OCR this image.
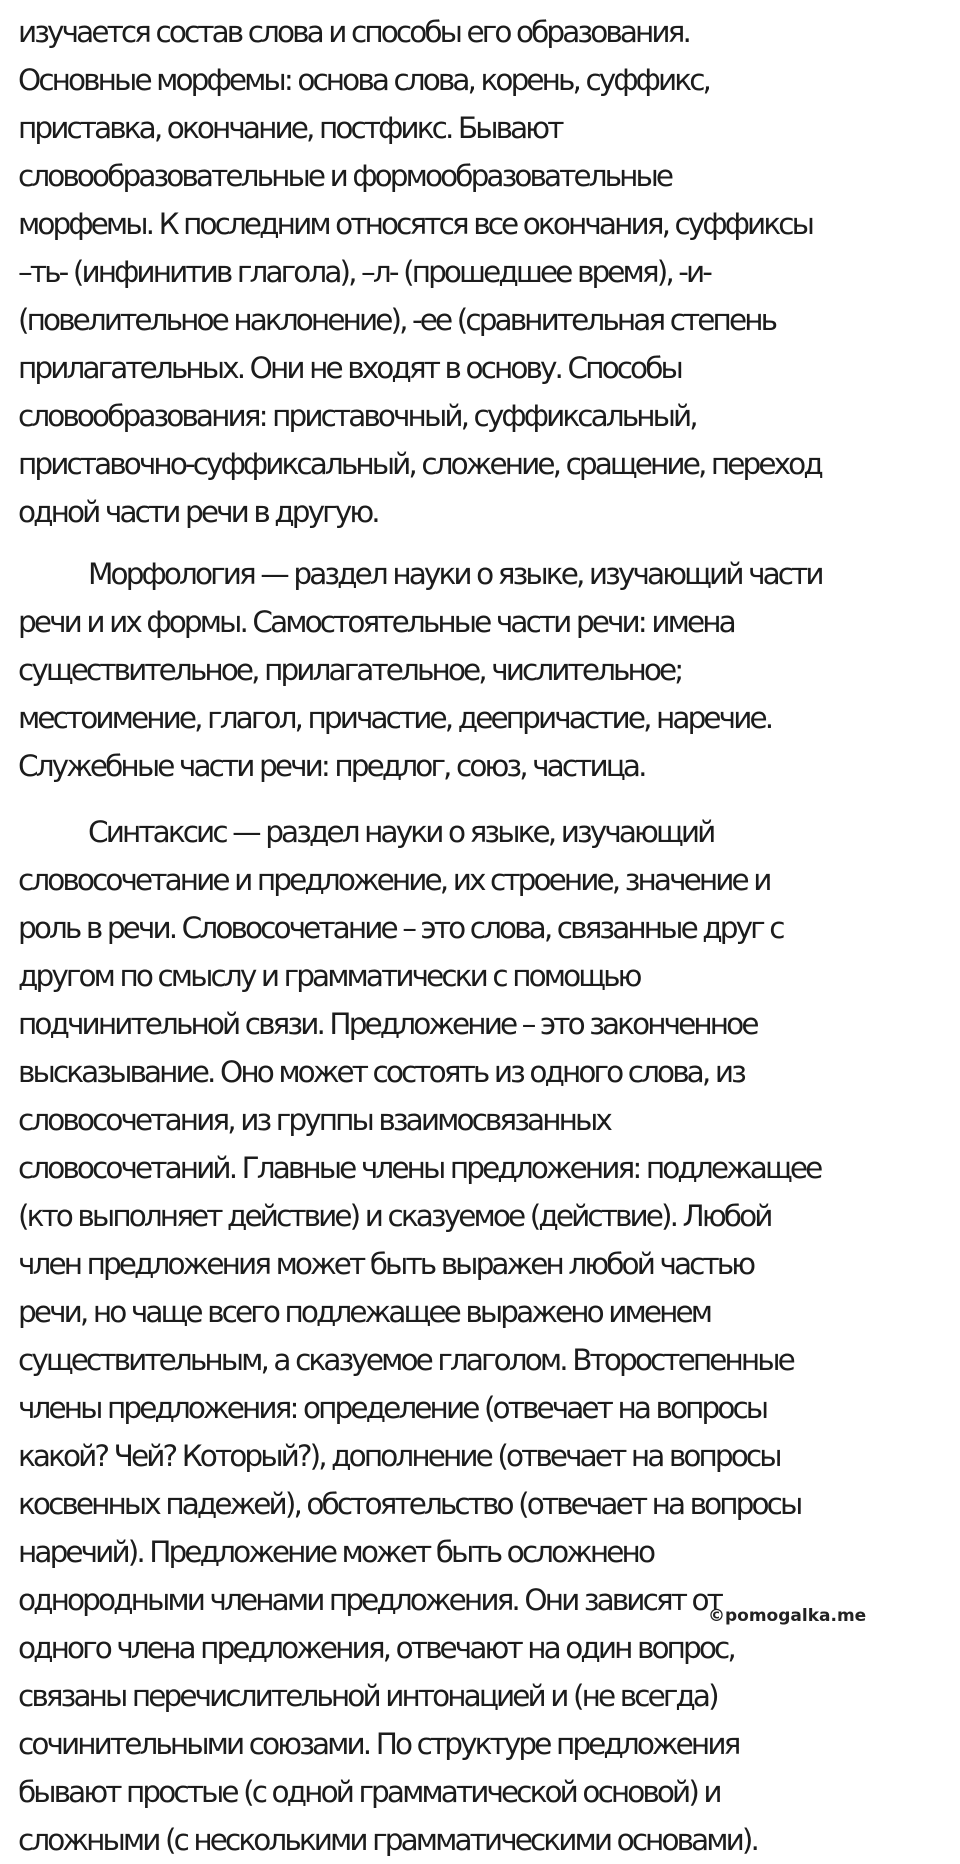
изучается состав слова и способы его образования.
Основные морфемы: основа слова, корень, суффикс,
приставка, окончание, постфикс. Бывают
словообразовательные и формообразовательные
морфемы. К последним относятся все окончания, суффиксы
–ть- (инфинитив глагола), –л- (прошедшее время), -и-
(повелительное наклонение), -ее (сравнительная степень
прилагательных. Они не входят в основу. Способы
словообразования: приставочный, суффиксальный,
приставочно-суффиксальный, сложение, сращение, переход
одной части речи в другую.

Морфология — раздел науки о языке, изучающий части
речи и их формы. Самостоятельные части речи: имена
существительное, прилагательное, числительное;
местоимение, глагол, причастие, деепричастие, наречие.
Служебные части речи: предлог, союз, частица.

Синтаксис — раздел науки о языке, изучающий
словосочетание и предложение, их строение, значение и
роль в речи. Словосочетание – это слова, связанные друг с
другом по смыслу и грамматически с помощью
подчинительной связи. Предложение – это законченное
высказывание. Оно может состоять из одного слова, из
словосочетания, из группы взаимосвязанных
словосочетаний. Главные члены предложения: подлежащее
(кто выполняет действие) и сказуемое (действие). Любой
член предложения может быть выражен любой частью
речи, но чаще всего подлежащее выражено именем
существительным, а сказуемое глаголом. Второстепенные
члены предложения: определение (отвечает на вопросы
какой? Чей? Который?), дополнение (отвечает на вопросы
косвенных падежей), обстоятельство (отвечает на вопросы
наречий). Предложение может быть осложнено
однородными членами предложения. Они зависят от
одного члена предложения, отвечают на один вопрос,
связаны перечислительной интонацией и (не всегда)
сочинительными союзами. По структуре предложения
бывают простые (с одной грамматической основой) и
сложными (с несколькими грамматическими основами).

©pomogalka.me
